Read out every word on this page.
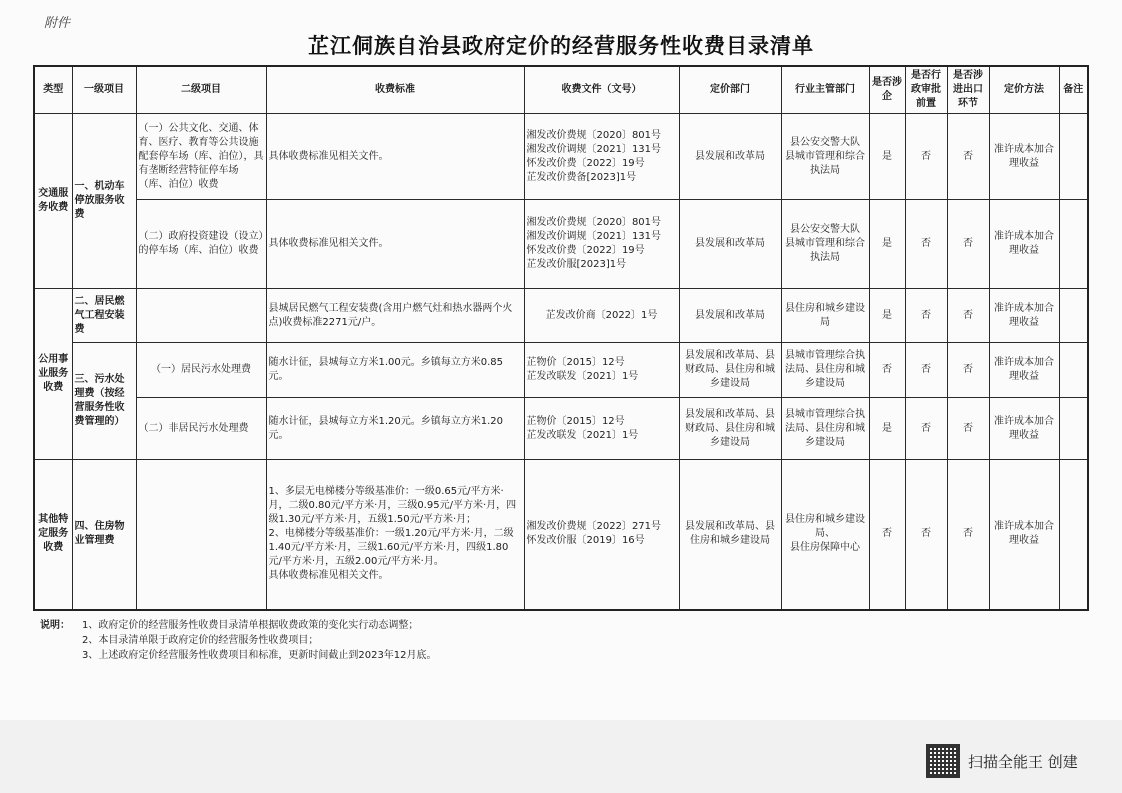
附件
芷江侗族自治县政府定价的经营服务性收费目录清单
类型	一级项目	二级项目	收费标准	收费文件（文号）	定价部门	行业主管部门	是否涉企	是否行政审批前置	是否涉进出口环节	定价方法	备注
交通服务收费	一、机动车停放服务收费	（一）公共文化、交通、体育、医疗、教育等公共设施配套停车场（库、泊位），具有垄断经营特征停车场（库、泊位）收费	具体收费标准见相关文件。	湘发改价费规〔2020〕801号
湘发改价调规〔2021〕131号
怀发改价费〔2022〕19号
芷发改价费备[2023]1号	县发展和改革局	县公安交警大队
县城市管理和综合执法局	是	否	否	准许成本加合理收益	
		（二）政府投资建设（设立）的停车场（库、泊位）收费	具体收费标准见相关文件。	湘发改价费规〔2020〕801号
湘发改价调规〔2021〕131号
怀发改价费〔2022〕19号
芷发改价服[2023]1号	县发展和改革局	县公安交警大队
县城市管理和综合执法局	是	否	否	准许成本加合理收益	
公用事业服务收费	二、居民燃气工程安装费		县城居民燃气工程安装费(含用户燃气灶和热水器两个火点)收费标准2271元/户。	芷发改价商〔2022〕1号	县发展和改革局	县住房和城乡建设局	是	否	否	准许成本加合理收益	
	三、污水处理费（按经营服务性收费管理的）	（一）居民污水处理费	随水计征，县城每立方米1.00元。乡镇每立方米0.85元。	芷物价〔2015〕12号
芷发改联发〔2021〕1号	县发展和改革局、县财政局、县住房和城乡建设局	县城市管理综合执法局、县住房和城乡建设局	否	否	否	准许成本加合理收益	
		（二）非居民污水处理费	随水计征，县城每立方米1.20元。乡镇每立方米1.20元。	芷物价〔2015〕12号
芷发改联发〔2021〕1号	县发展和改革局、县财政局、县住房和城乡建设局	县城市管理综合执法局、县住房和城乡建设局	是	否	否	准许成本加合理收益	
其他特定服务收费	四、住房物业管理费		1、多层无电梯楼分等级基准价：一级0.65元/平方米·月，二级0.80元/平方米·月，三级0.95元/平方米·月，四级1.30元/平方米·月，五级1.50元/平方米·月；
2、电梯楼分等级基准价：一级1.20元/平方米·月，二级1.40元/平方米·月，三级1.60元/平方米·月，四级1.80元/平方米·月，五级2.00元/平方米·月。
具体收费标准见相关文件。	湘发改价费规〔2022〕271号
怀发改价服〔2019〕16号	县发展和改革局、县住房和城乡建设局	县住房和城乡建设局、
县住房保障中心	否	否	否	准许成本加合理收益	
说明： 1、政府定价的经营服务性收费目录清单根据收费政策的变化实行动态调整；
2、本目录清单限于政府定价的经营服务性收费项目；
3、上述政府定价经营服务性收费项目和标准，更新时间截止到2023年12月底。
扫描全能王 创建
